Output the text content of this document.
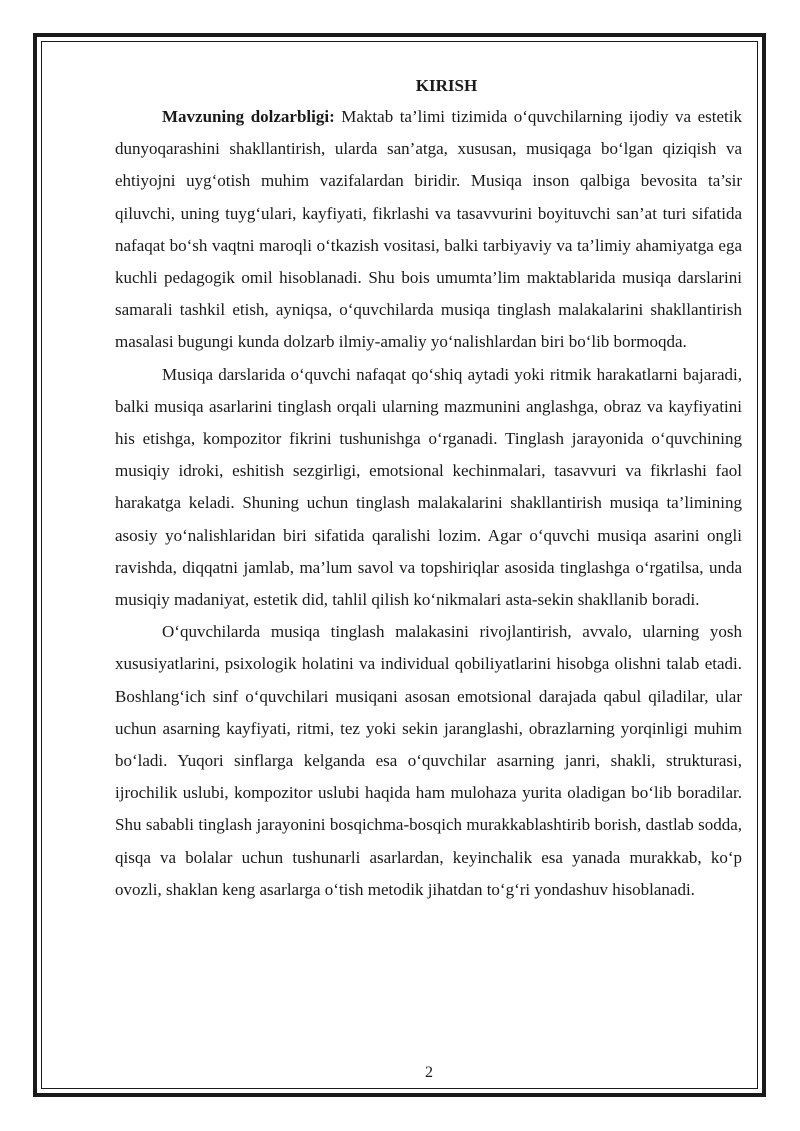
KIRISH

Mavzuning dolzarbligi: Maktab ta’limi tizimida o‘quvchilarning ijodiy va estetik dunyoqarashini shakllantirish, ularda san’atga, xususan, musiqaga bo‘lgan qiziqish va ehtiyojni uyg‘otish muhim vazifalardan biridir. Musiqa inson qalbiga bevosita ta’sir qiluvchi, uning tuyg‘ulari, kayfiyati, fikrlashi va tasavvurini boyituvchi san’at turi sifatida nafaqat bo‘sh vaqtni maroqli o‘tkazish vositasi, balki tarbiyaviy va ta’limiy ahamiyatga ega kuchli pedagogik omil hisoblanadi. Shu bois umumta’lim maktablarida musiqa darslarini samarali tashkil etish, ayniqsa, o‘quvchilarda musiqa tinglash malakalarini shakllantirish masalasi bugungi kunda dolzarb ilmiy-amaliy yo‘nalishlardan biri bo‘lib bormoqda.

Musiqa darslarida o‘quvchi nafaqat qo‘shiq aytadi yoki ritmik harakatlarni bajaradi, balki musiqa asarlarini tinglash orqali ularning mazmunini anglashga, obraz va kayfiyatini his etishga, kompozitor fikrini tushunishga o‘rganadi. Tinglash jarayonida o‘quvchining musiqiy idroki, eshitish sezgirligi, emotsional kechinmalari, tasavvuri va fikrlashi faol harakatga keladi. Shuning uchun tinglash malakalarini shakllantirish musiqa ta’limining asosiy yo‘nalishlaridan biri sifatida qaralishi lozim. Agar o‘quvchi musiqa asarini ongli ravishda, diqqatni jamlab, ma’lum savol va topshiriqlar asosida tinglashga o‘rgatilsa, unda musiqiy madaniyat, estetik did, tahlil qilish ko‘nikmalari asta-sekin shakllanib boradi.

O‘quvchilarda musiqa tinglash malakasini rivojlantirish, avvalo, ularning yosh xususiyatlarini, psixologik holatini va individual qobiliyatlarini hisobga olishni talab etadi. Boshlang‘ich sinf o‘quvchilari musiqani asosan emotsional darajada qabul qiladilar, ular uchun asarning kayfiyati, ritmi, tez yoki sekin jaranglashi, obrazlarning yorqinligi muhim bo‘ladi. Yuqori sinflarga kelganda esa o‘quvchilar asarning janri, shakli, strukturasi, ijrochilik uslubi, kompozitor uslubi haqida ham mulohaza yurita oladigan bo‘lib boradilar. Shu sababli tinglash jarayonini bosqichma-bosqich murakkablashtirib borish, dastlab sodda, qisqa va bolalar uchun tushunarli asarlardan, keyinchalik esa yanada murakkab, ko‘p ovozli, shaklan keng asarlarga o‘tish metodik jihatdan to‘g‘ri yondashuv hisoblanadi.

2
